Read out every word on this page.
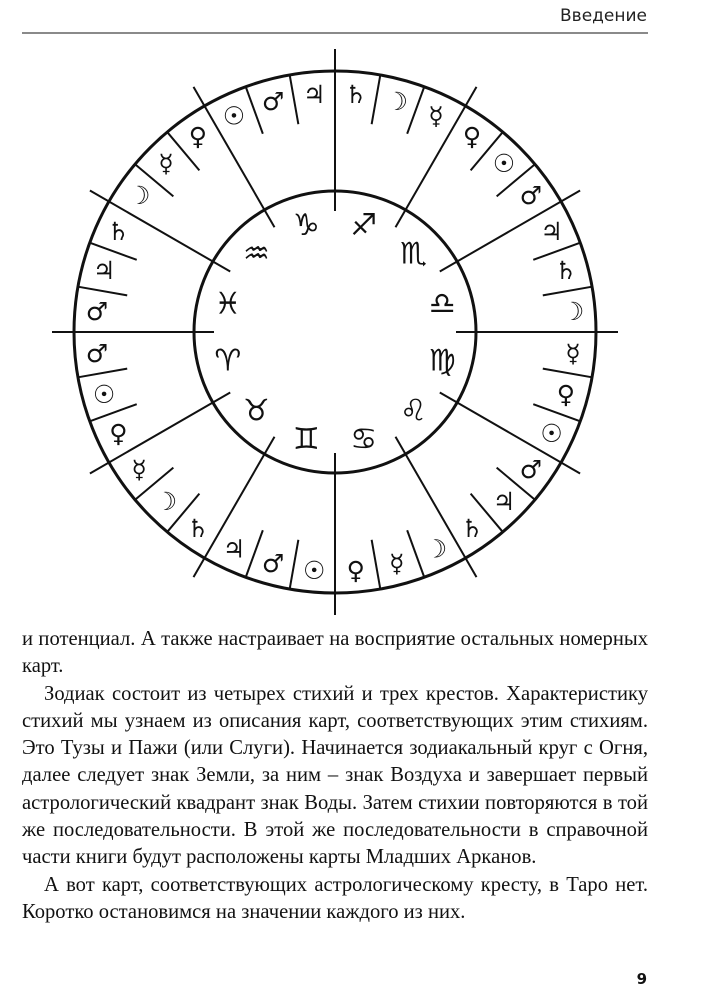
Введение
♈︎
♉︎
♊︎ ♋︎
♌︎
♍︎
♎︎
♏︎
♐︎
♑︎
♒︎
♓︎
♂︎
☉︎
♀︎
☿︎
☽︎
♄︎
♃︎ ♂︎ ☉︎ ♀︎ ☿︎ ☽︎
♄︎
♃︎
♂︎
☉︎
♀︎
☿︎
☽︎
♄︎
♃︎
♂︎
☉︎
♀︎
☿︎
☽︎
♄︎
♃︎
♂︎
☉︎
♀︎
☿︎
☽︎
♄︎
♃︎
♂︎

и потенциал. А также настраивает на восприятие остальных номерных карт.

Зодиак состоит из четырех стихий и трех крестов. Характеристику стихий мы узнаем из описания карт, соответствующих этим стихиям. Это Тузы и Пажи (или Слуги). Начинается зодиакальный круг с Огня, далее следует знак Земли, за ним – знак Воздуха и завершает первый астрологический квадрант знак Воды. Затем стихии повторяются в той же последовательности. В этой же последовательности в справочной части книги будут расположены карты Младших Арканов.

А вот карт, соответствующих астрологическому кресту, в Таро нет. Коротко остановимся на значении каждого из них.

9
